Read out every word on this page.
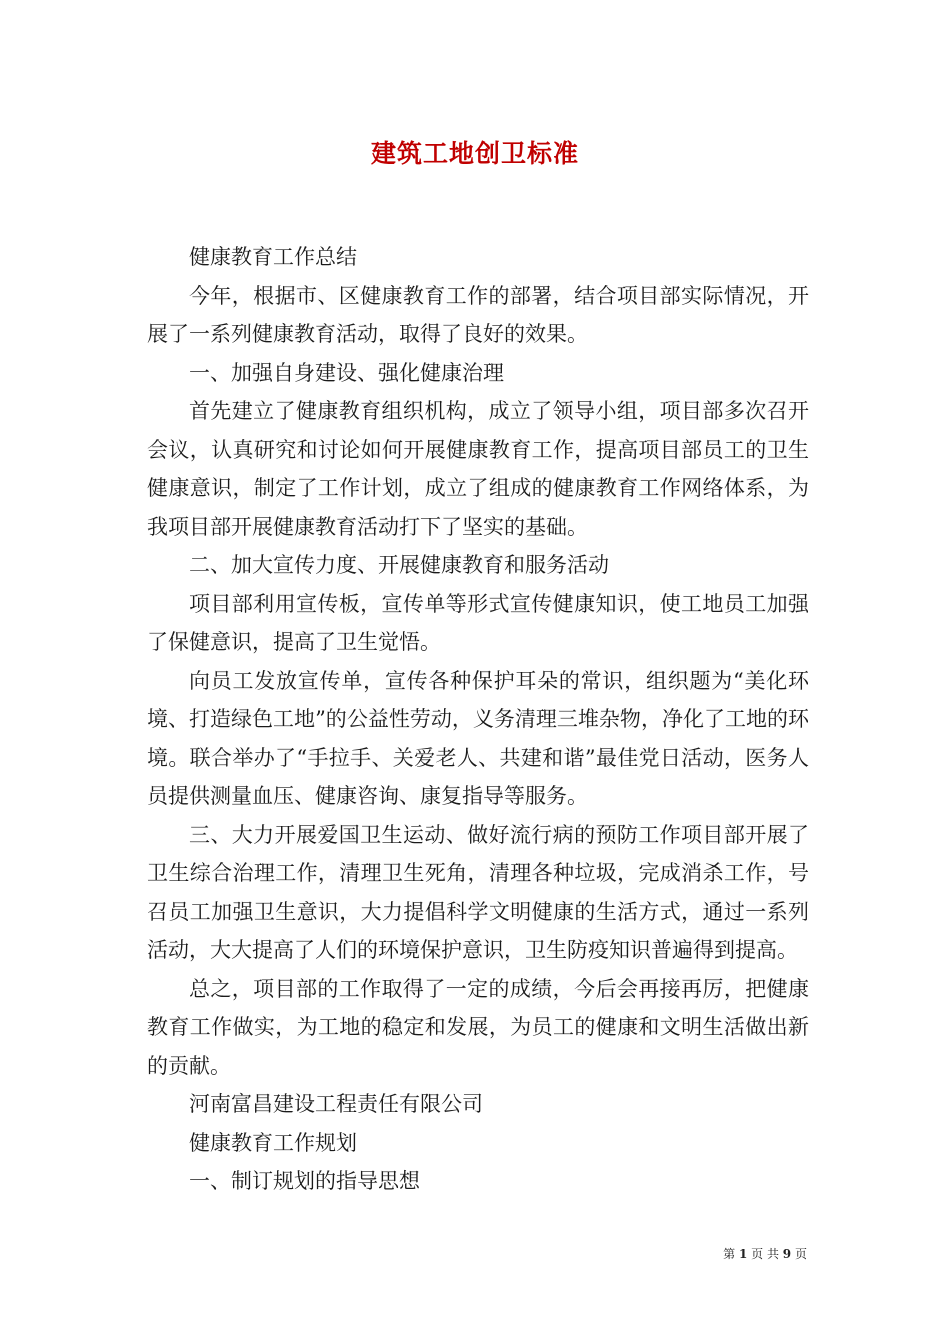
建筑工地创卫标准

健康教育工作总结

今年，根据市、区健康教育工作的部署，结合项目部实际情况，开展了一系列健康教育活动，取得了良好的效果。

一、加强自身建设、强化健康治理

首先建立了健康教育组织机构，成立了领导小组，项目部多次召开会议，认真研究和讨论如何开展健康教育工作，提高项目部员工的卫生健康意识，制定了工作计划，成立了组成的健康教育工作网络体系，为我项目部开展健康教育活动打下了坚实的基础。

二、加大宣传力度、开展健康教育和服务活动

项目部利用宣传板，宣传单等形式宣传健康知识，使工地员工加强了保健意识，提高了卫生觉悟。

向员工发放宣传单，宣传各种保护耳朵的常识，组织题为“美化环境、打造绿色工地”的公益性劳动，义务清理三堆杂物，净化了工地的环境。联合举办了“手拉手、关爱老人、共建和谐”最佳党日活动，医务人员提供测量血压、健康咨询、康复指导等服务。

三、大力开展爱国卫生运动、做好流行病的预防工作项目部开展了卫生综合治理工作，清理卫生死角，清理各种垃圾，完成消杀工作，号召员工加强卫生意识，大力提倡科学文明健康的生活方式，通过一系列活动，大大提高了人们的环境保护意识，卫生防疫知识普遍得到提高。

总之，项目部的工作取得了一定的成绩，今后会再接再厉，把健康教育工作做实，为工地的稳定和发展，为员工的健康和文明生活做出新的贡献。

河南富昌建设工程责任有限公司

健康教育工作规划

一、制订规划的指导思想

第 1 页 共 9 页
